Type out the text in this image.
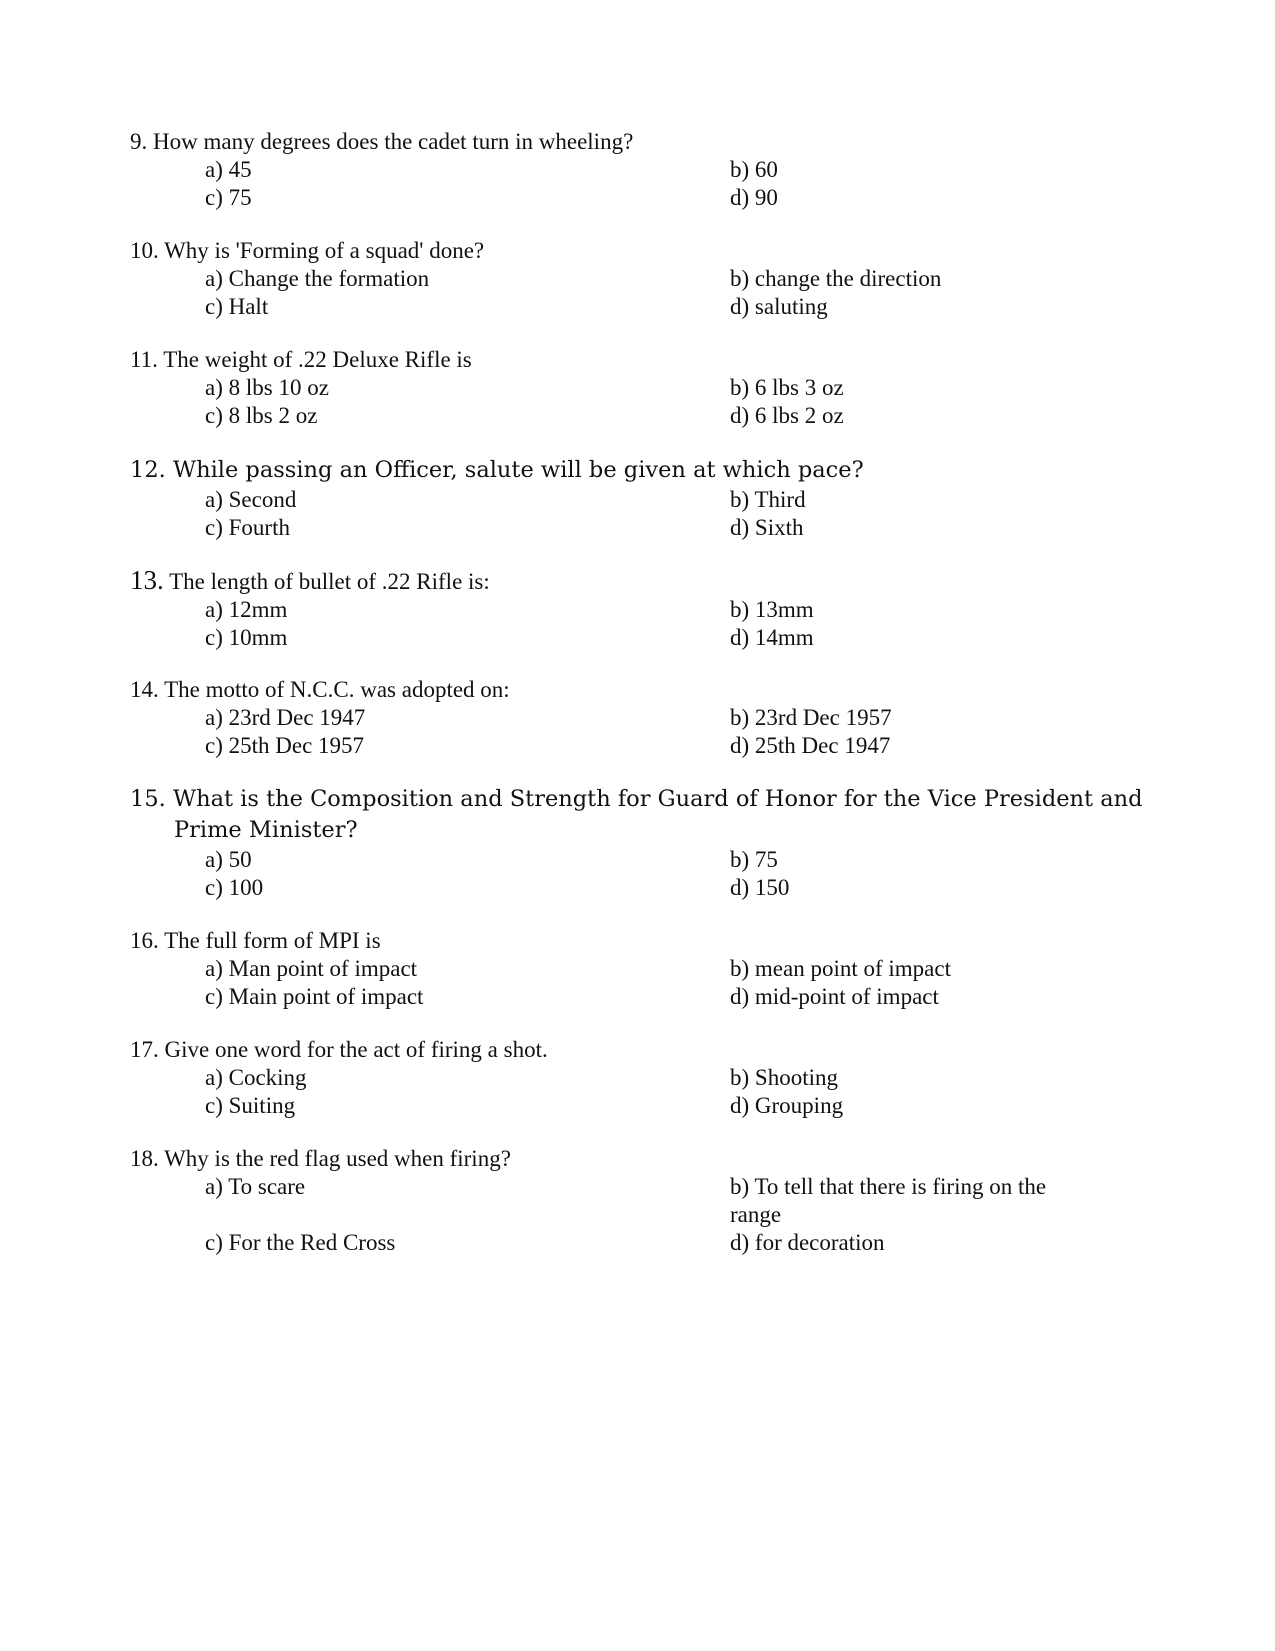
9. How many degrees does the cadet turn in wheeling?
a) 45	b) 60
c) 75	d) 90
10. Why is 'Forming of a squad' done?
a) Change the formation	b) change the direction
c) Halt	d) saluting
11. The weight of .22 Deluxe Rifle is
a) 8 lbs 10 oz	b) 6 lbs 3 oz
c) 8 lbs 2 oz	d) 6 lbs 2 oz
12. While passing an Officer, salute will be given at which pace?
a) Second	b) Third
c) Fourth	d) Sixth
13. The length of bullet of .22 Rifle is:
a) 12mm	b) 13mm
c) 10mm	d) 14mm
14. The motto of N.C.C. was adopted on:
a) 23rd Dec 1947	b) 23rd Dec 1957
c) 25th Dec 1957	d) 25th Dec 1947
15. What is the Composition and Strength for Guard of Honor for the Vice President and
Prime Minister?
a) 50	b) 75
c) 100	d) 150
16. The full form of MPI is
a) Man point of impact	b) mean point of impact
c) Main point of impact	d) mid-point of impact
17. Give one word for the act of firing a shot.
a) Cocking	b) Shooting
c) Suiting	d) Grouping
18. Why is the red flag used when firing?
a) To scare	b) To tell that there is firing on the range
c) For the Red Cross	d) for decoration
